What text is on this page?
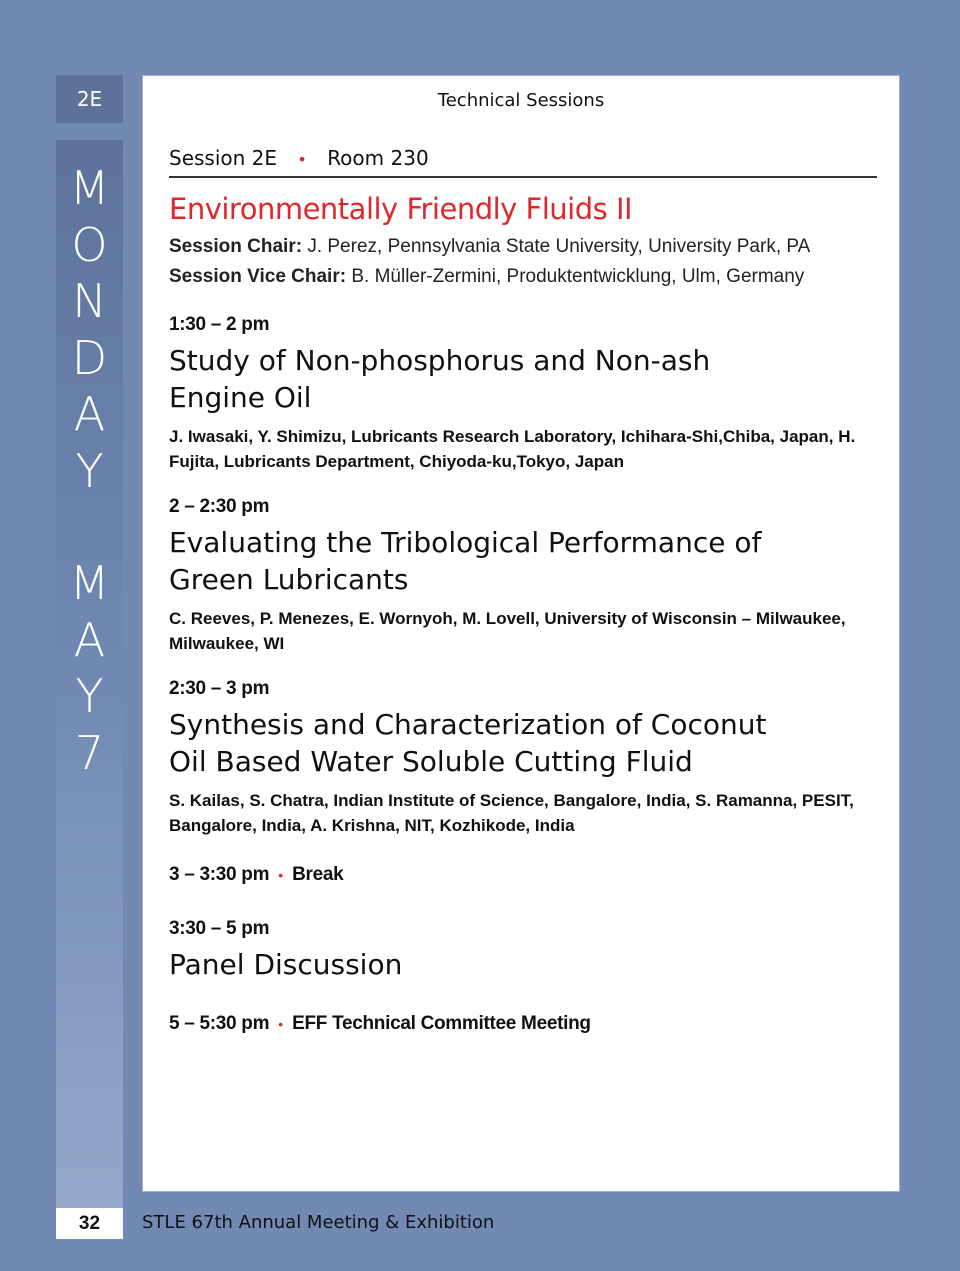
2E
M
O
N
D
A
Y
M
A
Y
7
Technical Sessions
Session 2E • Room 230
Environmentally Friendly Fluids II
Session Chair: J. Perez, Pennsylvania State University, University Park, PA
Session Vice Chair: B. Müller-Zermini, Produktentwicklung, Ulm, Germany
1:30 – 2 pm
Study of Non-phosphorus and Non-ash Engine Oil
J. Iwasaki, Y. Shimizu, Lubricants Research Laboratory, Ichihara-Shi,Chiba, Japan, H. Fujita, Lubricants Department, Chiyoda-ku,Tokyo, Japan
2 – 2:30 pm
Evaluating the Tribological Performance of Green Lubricants
C. Reeves, P. Menezes, E. Wornyoh, M. Lovell, University of Wisconsin – Milwaukee, Milwaukee, WI
2:30 – 3 pm
Synthesis and Characterization of Coconut Oil Based Water Soluble Cutting Fluid
S. Kailas, S. Chatra, Indian Institute of Science, Bangalore, India, S. Ramanna, PESIT, Bangalore, India, A. Krishna, NIT, Kozhikode, India
3 – 3:30 pm • Break
3:30 – 5 pm
Panel Discussion
5 – 5:30 pm • EFF Technical Committee Meeting
32	STLE 67th Annual Meeting & Exhibition
